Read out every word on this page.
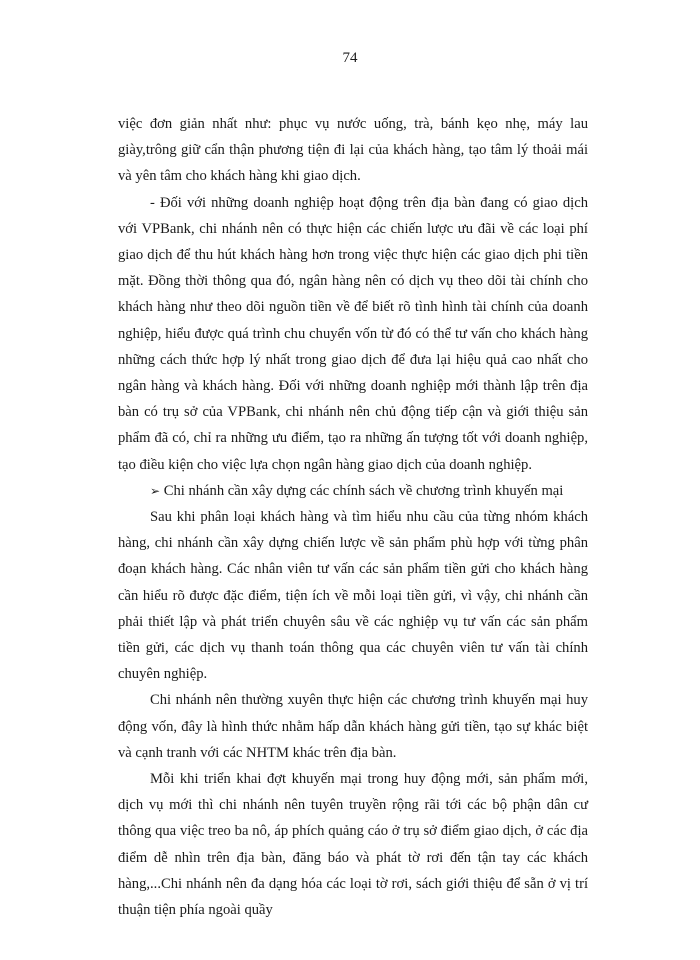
74

việc đơn giản nhất như: phục vụ nước uống, trà, bánh kẹo nhẹ, máy lau giày,trông giữ cẩn thận phương tiện đi lại của khách hàng, tạo tâm lý thoải mái và yên tâm cho khách hàng khi giao dịch.

- Đối với những doanh nghiệp hoạt động trên địa bàn đang có giao dịch với VPBank, chi nhánh nên có thực hiện các chiến lược ưu đãi về các loại phí giao dịch để thu hút khách hàng hơn trong việc thực hiện các giao dịch phi tiền mặt. Đồng thời thông qua đó, ngân hàng nên có dịch vụ theo dõi tài chính cho khách hàng như theo dõi nguồn tiền về để biết rõ tình hình tài chính của doanh nghiệp, hiểu được quá trình chu chuyển vốn từ đó có thể tư vấn cho khách hàng những cách thức hợp lý nhất trong giao dịch để đưa lại hiệu quả cao nhất cho ngân hàng và khách hàng. Đối với những doanh nghiệp mới thành lập trên địa bàn có trụ sở của VPBank, chi nhánh nên chủ động tiếp cận và giới thiệu sản phẩm đã có, chỉ ra những ưu điểm, tạo ra những ấn tượng tốt với doanh nghiệp, tạo điều kiện cho việc lựa chọn ngân hàng giao dịch của doanh nghiệp.

➢ Chi nhánh cần xây dựng các chính sách về chương trình khuyến mại

Sau khi phân loại khách hàng và tìm hiểu nhu cầu của từng nhóm khách hàng, chi nhánh cần xây dựng chiến lược về sản phẩm phù hợp với từng phân đoạn khách hàng. Các nhân viên tư vấn các sản phẩm tiền gửi cho khách hàng cần hiểu rõ được đặc điểm, tiện ích về mỗi loại tiền gửi, vì vậy, chi nhánh cần phải thiết lập và phát triển chuyên sâu về các nghiệp vụ tư vấn các sản phẩm tiền gửi, các dịch vụ thanh toán thông qua các chuyên viên tư vấn tài chính chuyên nghiệp.

Chi nhánh nên thường xuyên thực hiện các chương trình khuyến mại huy động vốn, đây là hình thức nhằm hấp dẫn khách hàng gửi tiền, tạo sự khác biệt và cạnh tranh với các NHTM khác trên địa bàn.

Mỗi khi triển khai đợt khuyến mại trong huy động mới, sản phẩm mới, dịch vụ mới thì chi nhánh nên tuyên truyền rộng rãi tới các bộ phận dân cư thông qua việc treo ba nô, áp phích quảng cáo ở trụ sở điểm giao dịch, ở các địa điểm dễ nhìn trên địa bàn, đăng báo và phát tờ rơi đến tận tay các khách hàng,...Chi nhánh nên đa dạng hóa các loại tờ rơi, sách giới thiệu để sẵn ở vị trí thuận tiện phía ngoài quầy
